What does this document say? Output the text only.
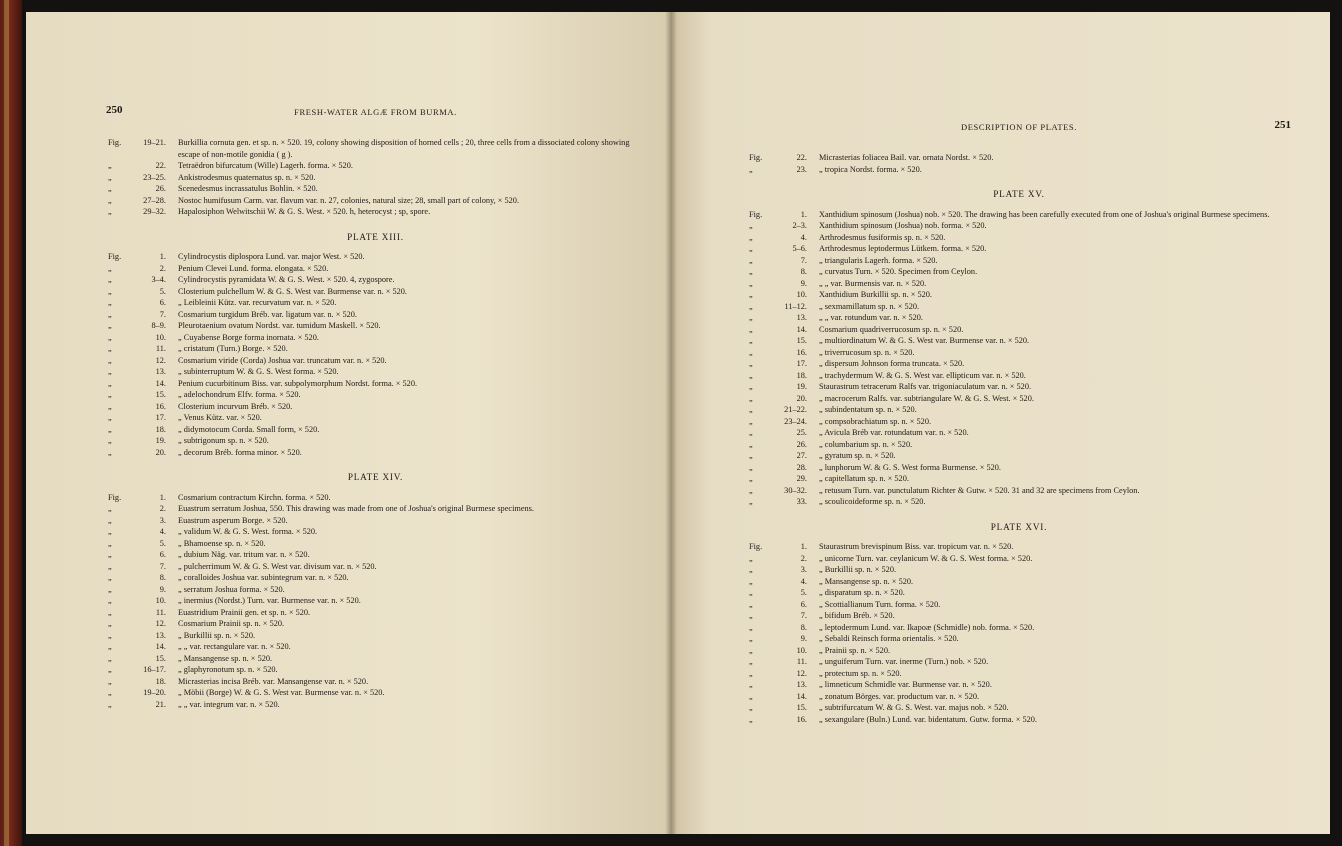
250	FRESH-WATER ALGÆ FROM BURMA.
Fig.	19–21. Burkillia cornuta gen. et sp. n. × 520. 19, colony showing disposition of horned cells ; 20, three cells from a dissociated colony showing escape of non-motile gonidia ( g ).
„	22. Tetraëdron bifurcatum (Wille) Lagerh. forma. × 520.
„	23–25. Ankistrodesmus quaternatus sp. n. × 520.
„	26. Scenedesmus incrassatulus Bohlin. × 520.
„	27–28. Nostoc humifusum Carm. var. flavum var. n. 27, colonies, natural size; 28, small part of colony, × 520.
„	29–32. Hapalosiphon Welwitschii W. & G. S. West. × 520. h, heterocyst ; sp, spore.
PLATE XIII.
Fig.	1. Cylindrocystis diplospora Lund. var. major West. × 520.
„	2. Penium Clevei Lund. forma. elongata. × 520.
„	3–4. Cylindrocystis pyramidata W. & G. S. West. × 520. 4, zygospore.
„	5. Closterium pulchellum W. & G. S. West var. Burmense var. n. × 520.
„	6. „ Leibleinii Kütz. var. recurvatum var. n. × 520.
„	7. Cosmarium turgidum Bréb. var. ligatum var. n. × 520.
„	8–9. Pleurotaenium ovatum Nordst. var. tumidum Maskell. × 520.
„	10. „ Cuyabense Borge forma inornata. × 520.
„	11. „ cristatum (Turn.) Borge. × 520.
„	12. Cosmarium viride (Corda) Joshua var. truncatum var. n. × 520.
„	13. „ subinterruptum W. & G. S. West forma. × 520.
„	14. Penium cucurbitinum Biss. var. subpolymorphum Nordst. forma. × 520.
„	15. „ adelochondrum Elfv. forma. × 520.
„	16. Closterium incurvum Bréb. × 520.
„	17. „ Venus Kütz. var. × 520.
„	18. „ didymotocum Corda. Small form, × 520.
„	19. „ subtrigonum sp. n. × 520.
„	20. „ decorum Bréb. forma minor. × 520.
PLATE XIV.
Fig.	1. Cosmarium contractum Kirchn. forma. × 520.
„	2. Euastrum serratum Joshua, 550. This drawing was made from one of Joshua's original Burmese specimens.
„	3. Euastrum asperum Borge. × 520.
„	4. „ validum W. & G. S. West. forma. × 520.
„	5. „ Bhamoense sp. n. × 520.
„	6. „ dubium Näg. var. tritum var. n. × 520.
„	7. „ pulcherrimum W. & G. S. West var. divisum var. n. × 520.
„	8. „ coralloides Joshua var. subintegrum var. n. × 520.
„	9. „ serratum Joshua forma. × 520.
„	10. „ inermius (Nordst.) Turn. var. Burmense var. n. × 520.
„	11. Euastridium Prainii gen. et sp. n. × 520.
„	12. Cosmarium Prainii sp. n. × 520.
„	13. „ Burkillii sp. n. × 520.
„	14. „ „ var. rectangulare var. n. × 520.
„	15. „ Mansangense sp. n. × 520.
„	16–17. „ glaphyronotum sp. n. × 520.
„	18. Micrasterias incisa Bréb. var. Mansangense var. n. × 520.
„	19–20. „ Möbii (Borge) W. & G. S. West var. Burmense var. n. × 520.
„	21. „ „ var. integrum var. n. × 520.
DESCRIPTION OF PLATES.	251
Fig.	22. Micrasterias foliacea Bail. var. ornata Nordst. × 520.
„	23. „ tropica Nordst. forma. × 520.
PLATE XV.
Fig.	1. Xanthidium spinosum (Joshua) nob. × 520. The drawing has been carefully executed from one of Joshua's original Burmese specimens.
„	2–3. Xanthidium spinosum (Joshua) nob. forma. × 520.
„	4. Arthrodesmus fusiformis sp. n. × 520.
„	5–6. Arthrodesmus leptodermus Lütkem. forma. × 520.
„	7. „ triangularis Lagerh. forma. × 520.
„	8. „ curvatus Turn. × 520. Specimen from Ceylon.
„	9. „ „ var. Burmensis var. n. × 520.
„	10. Xanthidium Burkillii sp. n. × 520.
„	11–12. „ sexmamillatum sp. n. × 520.
„	13. „ „ var. rotundum var. n. × 520.
„	14. Cosmarium quadriverrucosum sp. n. × 520.
„	15. „ multiordinatum W. & G. S. West var. Burmense var. n. × 520.
„	16. „ triverrucosum sp. n. × 520.
„	17. „ dispersum Johnson forma truncata. × 520.
„	18. „ trachydermum W. & G. S. West var. ellipticum var. n. × 520.
„	19. Staurastrum tetracerum Ralfs var. trigoniaculatum var. n. × 520.
„	20. „ macrocerum Ralfs. var. subtriangulare W. & G. S. West. × 520.
„	21–22. „ subindentatum sp. n. × 520.
„	23–24. „ compsobrachiatum sp. n. × 520.
„	25. „ Avicula Bréb var. rotundatum var. n. × 520.
„	26. „ columbarium sp. n. × 520.
„	27. „ gyratum sp. n. × 520.
„	28. „ lunphorum W. & G. S. West forma Burmense. × 520.
„	29. „ capitellatum sp. n. × 520.
„	30–32. „ retusum Turn. var. punctulatum Richter & Gutw. × 520. 31 and 32 are specimens from Ceylon.
„	33. „ scoulicoideforme sp. n. × 520.
PLATE XVI.
Fig.	1. Staurastrum brevispinum Biss. var. tropicum var. n. × 520.
„	2. „ unicorne Turn. var. ceylanicum W. & G. S. West forma. × 520.
„	3. „ Burkillii sp. n. × 520.
„	4. „ Mansangense sp. n. × 520.
„	5. „ disparatum sp. n. × 520.
„	6. „ Scottiallianum Turn. forma. × 520.
„	7. „ bifidum Bréb. × 520.
„	8. „ leptodermum Lund. var. Ikapoæ (Schmidle) nob. forma. × 520.
„	9. „ Sebaldi Reinsch forma orientalis. × 520.
„	10. „ Prainii sp. n. × 520.
„	11. „ unguiferum Turn. var. inerme (Turn.) nob. × 520.
„	12. „ protectum sp. n. × 520.
„	13. „ limneticum Schmidle var. Burmense var. n. × 520.
„	14. „ zonatum Börges. var. productum var. n. × 520.
„	15. „ subtrifurcatum W. & G. S. West. var. majus nob. × 520.
„	16. „ sexangulare (Buln.) Lund. var. bidentatum. Gutw. forma. × 520.
